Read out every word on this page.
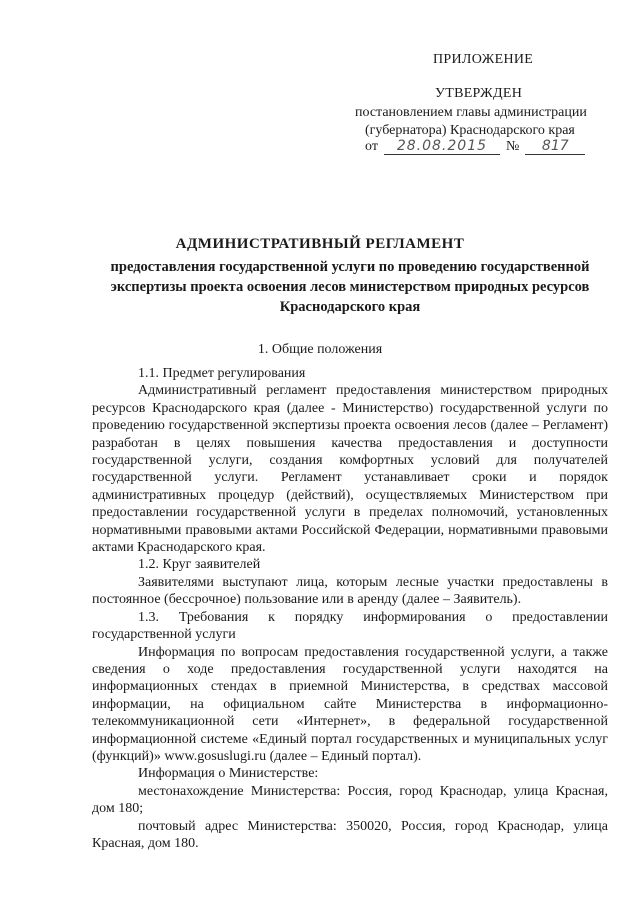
ПРИЛОЖЕНИЕ
УТВЕРЖДЕН
постановлением главы администрации
(губернатора) Краснодарского края
от 28.08.2015 № 817
АДМИНИСТРАТИВНЫЙ РЕГЛАМЕНТ
предоставления государственной услуги по проведению государственной экспертизы проекта освоения лесов министерством природных ресурсов Краснодарского края
1. Общие положения

1.1. Предмет регулирования

Административный регламент предоставления министерством природных ресурсов Краснодарского края (далее - Министерство) государственной услуги по проведению государственной экспертизы проекта освоения лесов (далее – Регламент) разработан в целях повышения качества предоставления и доступности государственной услуги, создания комфортных условий для получателей государственной услуги. Регламент устанавливает сроки и порядок административных процедур (действий), осуществляемых Министерством при предоставлении государственной услуги в пределах полномочий, установленных нормативными правовыми актами Российской Федерации, нормативными правовыми актами Краснодарского края.

1.2. Круг заявителей

Заявителями выступают лица, которым лесные участки предоставлены в постоянное (бессрочное) пользование или в аренду (далее – Заявитель).

1.3. Требования к порядку информирования о предоставлении государственной услуги

Информация по вопросам предоставления государственной услуги, а также сведения о ходе предоставления государственной услуги находятся на информационных стендах в приемной Министерства, в средствах массовой информации, на официальном сайте Министерства в информационно-телекоммуникационной сети «Интернет», в федеральной государственной информационной системе «Единый портал государственных и муниципальных услуг (функций)» www.gosuslugi.ru (далее – Единый портал).

Информация о Министерстве:

местонахождение Министерства: Россия, город Краснодар, улица Красная, дом 180;

почтовый адрес Министерства: 350020, Россия, город Краснодар, улица Красная, дом 180.
